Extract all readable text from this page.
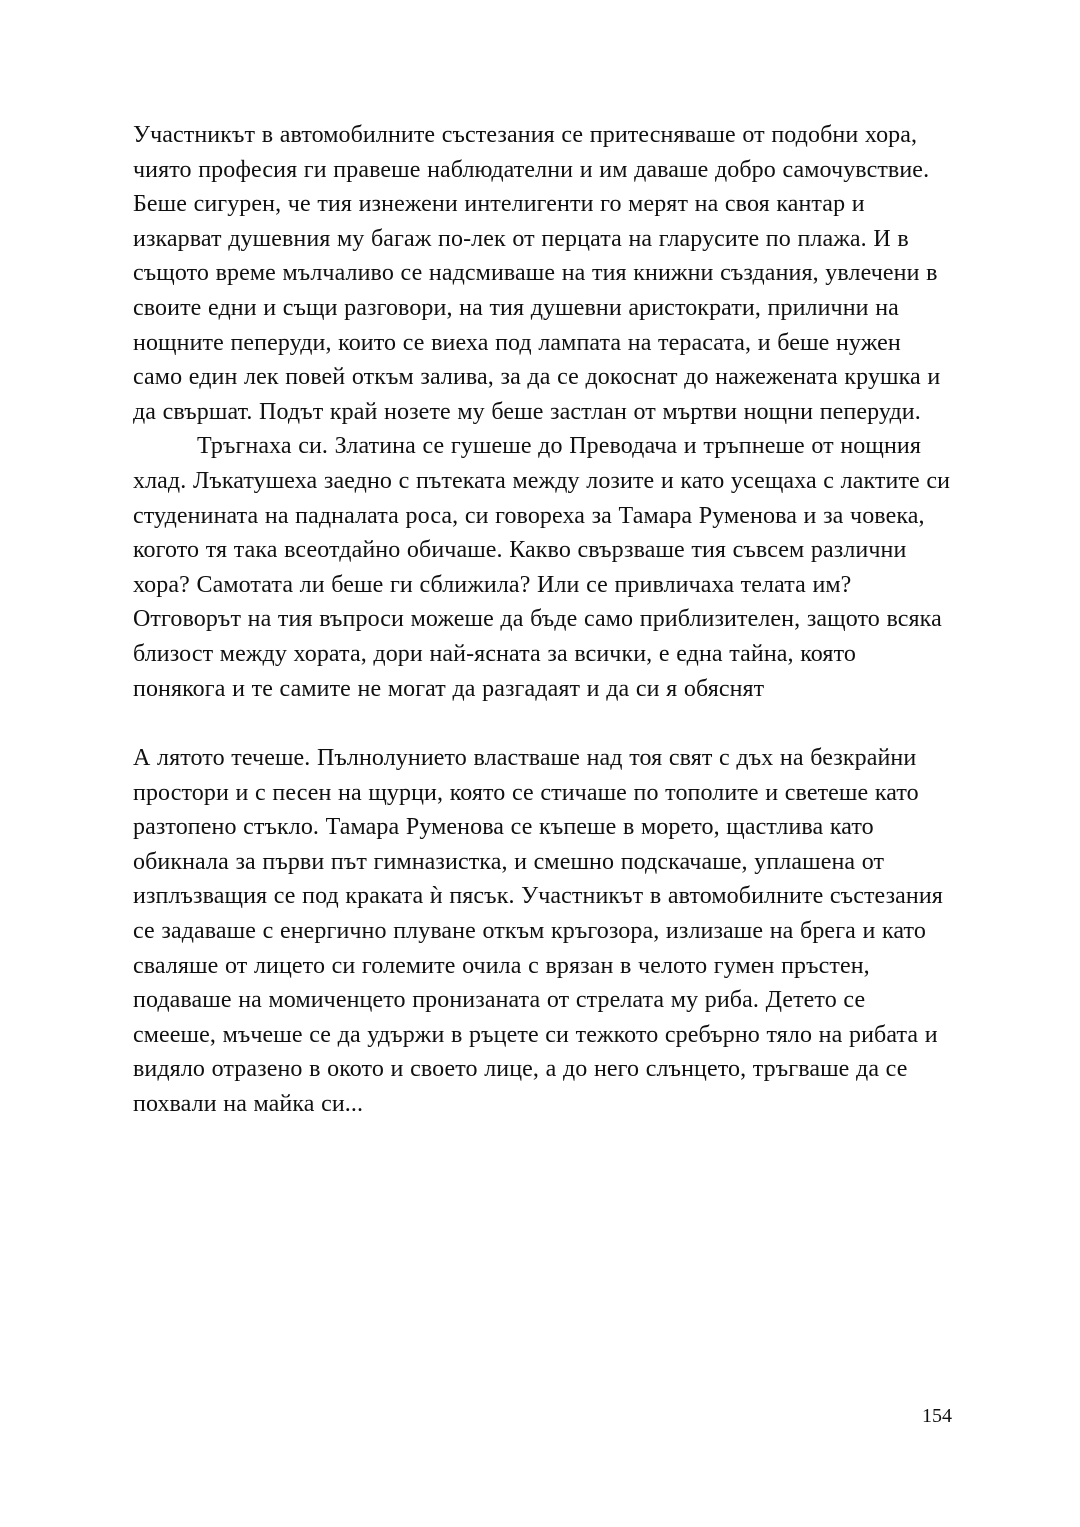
Участникът в автомобилните състезания се притесняваше от подобни хора, чиято професия ги правеше наблюдателни и им даваше добро самочувствие. Беше сигурен, че тия изнежени интелигенти го мерят на своя кантар и изкарват душевния му багаж по-лек от перцата на гларусите по плажа. И в същото време мълчаливо се надсмиваше на тия книжни създания, увлечени в своите едни и същи разговори, на тия душевни аристократи, прилични на нощните пеперуди, които се виеха под лампата на терасата, и беше нужен само един лек повей откъм залива, за да се докоснат до нажежената крушка и да свършат. Подът край нозете му беше застлан от мъртви нощни пеперуди.

Тръгнаха си. Златина се гушеше до Преводача и тръпнеше от нощния хлад. Лъкатушеха заедно с пътеката между лозите и като усещаха с лактите си студенината на падналата роса, си говореха за Тамара Руменова и за човека, когото тя така всеотдайно обичаше. Какво свързваше тия съвсем различни хора? Самотата ли беше ги сближила? Или се привличаха телата им? Отговорът на тия въпроси можеше да бъде само приблизителен, защото всяка близост между хората, дори най-ясната за всички, е една тайна, която понякога и те самите не могат да разгадаят и да си я обяснят

А лятото течеше. Пълнолунието властваше над тоя свят с дъх на безкрайни простори и с песен на щурци, която се стичаше по тополите и светеше като разтопено стъкло. Тамара Руменова се къпеше в морето, щастлива като обикнала за първи път гимназистка, и смешно подскачаше, уплашена от изплъзващия се под краката ѝ пясък. Участникът в автомобилните състезания се задаваше с енергично плуване откъм кръгозора, излизаше на брега и като сваляше от лицето си големите очила с врязан в челото гумен пръстен, подаваше на момиченцето пронизаната от стрелата му риба. Детето се смееше, мъчеше се да удържи в ръцете си тежкото сребърно тяло на рибата и видяло отразено в окото и своето лице, а до него слънцето, тръгваше да се похвали на майка си...

154
